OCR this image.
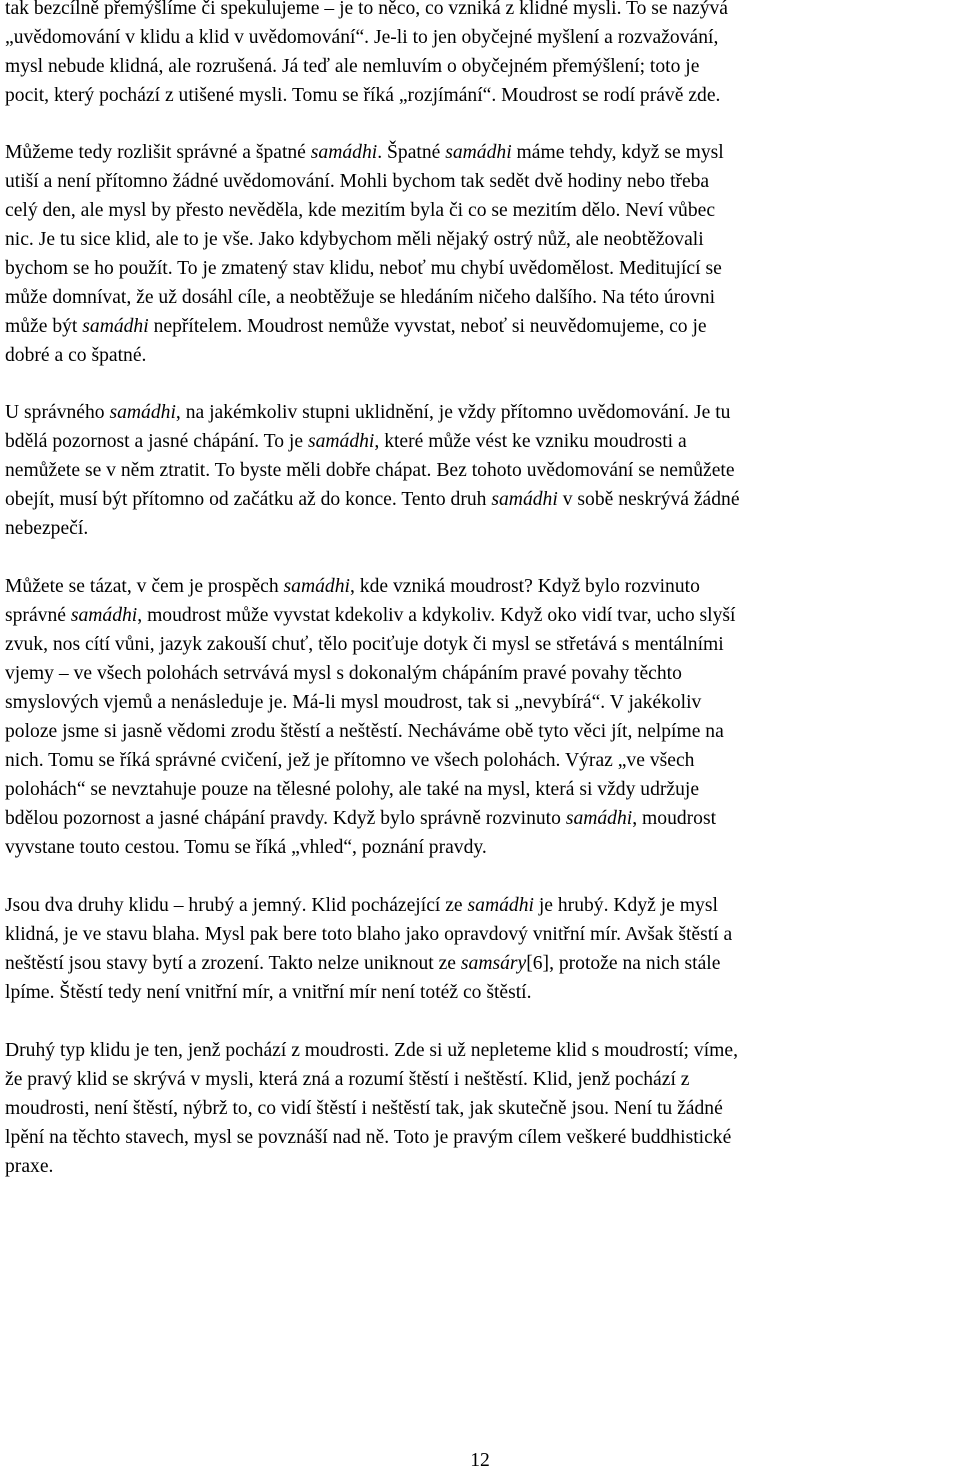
tak bezcílně přemýšlíme či spekulujeme – je to něco, co vzniká z klidné mysli. To se nazývá
„uvědomování v klidu a klid v uvědomování“. Je-li to jen obyčejné myšlení a rozvažování,
mysl nebude klidná, ale rozrušená. Já teď ale nemluvím o obyčejném přemýšlení; toto je
pocit, který pochází z utišené mysli. Tomu se říká „rozjímání“. Moudrost se rodí právě zde.
Můžeme tedy rozlišit správné a špatné samádhi. Špatné samádhi máme tehdy, když se mysl
utiší a není přítomno žádné uvědomování. Mohli bychom tak sedět dvě hodiny nebo třeba
celý den, ale mysl by přesto nevěděla, kde mezitím byla či co se mezitím dělo. Neví vůbec
nic. Je tu sice klid, ale to je vše. Jako kdybychom měli nějaký ostrý nůž, ale neobtěžovali
bychom se ho použít. To je zmatený stav klidu, neboť mu chybí uvědomělost. Meditující se
může domnívat, že už dosáhl cíle, a neobtěžuje se hledáním ničeho dalšího. Na této úrovni
může být samádhi nepřítelem. Moudrost nemůže vyvstat, neboť si neuvědomujeme, co je
dobré a co špatné.
U správného samádhi, na jakémkoliv stupni uklidnění, je vždy přítomno uvědomování. Je tu
bdělá pozornost a jasné chápání. To je samádhi, které může vést ke vzniku moudrosti a
nemůžete se v něm ztratit. To byste měli dobře chápat. Bez tohoto uvědomování se nemůžete
obejít, musí být přítomno od začátku až do konce. Tento druh samádhi v sobě neskrývá žádné
nebezpečí.
Můžete se tázat, v čem je prospěch samádhi, kde vzniká moudrost? Když bylo rozvinuto
správné samádhi, moudrost může vyvstat kdekoliv a kdykoliv. Když oko vidí tvar, ucho slyší
zvuk, nos cítí vůni, jazyk zakouší chuť, tělo pociťuje dotyk či mysl se střetává s mentálními
vjemy – ve všech polohách setrvává mysl s dokonalým chápáním pravé povahy těchto
smyslových vjemů a nenásleduje je. Má-li mysl moudrost, tak si „nevybírá“. V jakékoliv
poloze jsme si jasně vědomi zrodu štěstí a neštěstí. Necháváme obě tyto věci jít, nelpíme na
nich. Tomu se říká správné cvičení, jež je přítomno ve všech polohách. Výraz „ve všech
polohách“ se nevztahuje pouze na tělesné polohy, ale také na mysl, která si vždy udržuje
bdělou pozornost a jasné chápání pravdy. Když bylo správně rozvinuto samádhi, moudrost
vyvstane touto cestou. Tomu se říká „vhled“, poznání pravdy.
Jsou dva druhy klidu – hrubý a jemný. Klid pocházející ze samádhi je hrubý. Když je mysl
klidná, je ve stavu blaha. Mysl pak bere toto blaho jako opravdový vnitřní mír. Avšak štěstí a
neštěstí jsou stavy bytí a zrození. Takto nelze uniknout ze samsáry[6], protože na nich stále
lpíme. Štěstí tedy není vnitřní mír, a vnitřní mír není totéž co štěstí.
Druhý typ klidu je ten, jenž pochází z moudrosti. Zde si už nepleteme klid s moudrostí; víme,
že pravý klid se skrývá v mysli, která zná a rozumí štěstí i neštěstí. Klid, jenž pochází z
moudrosti, není štěstí, nýbrž to, co vidí štěstí i neštěstí tak, jak skutečně jsou. Není tu žádné
lpění na těchto stavech, mysl se povznáší nad ně. Toto je pravým cílem veškeré buddhistické
praxe.
12
